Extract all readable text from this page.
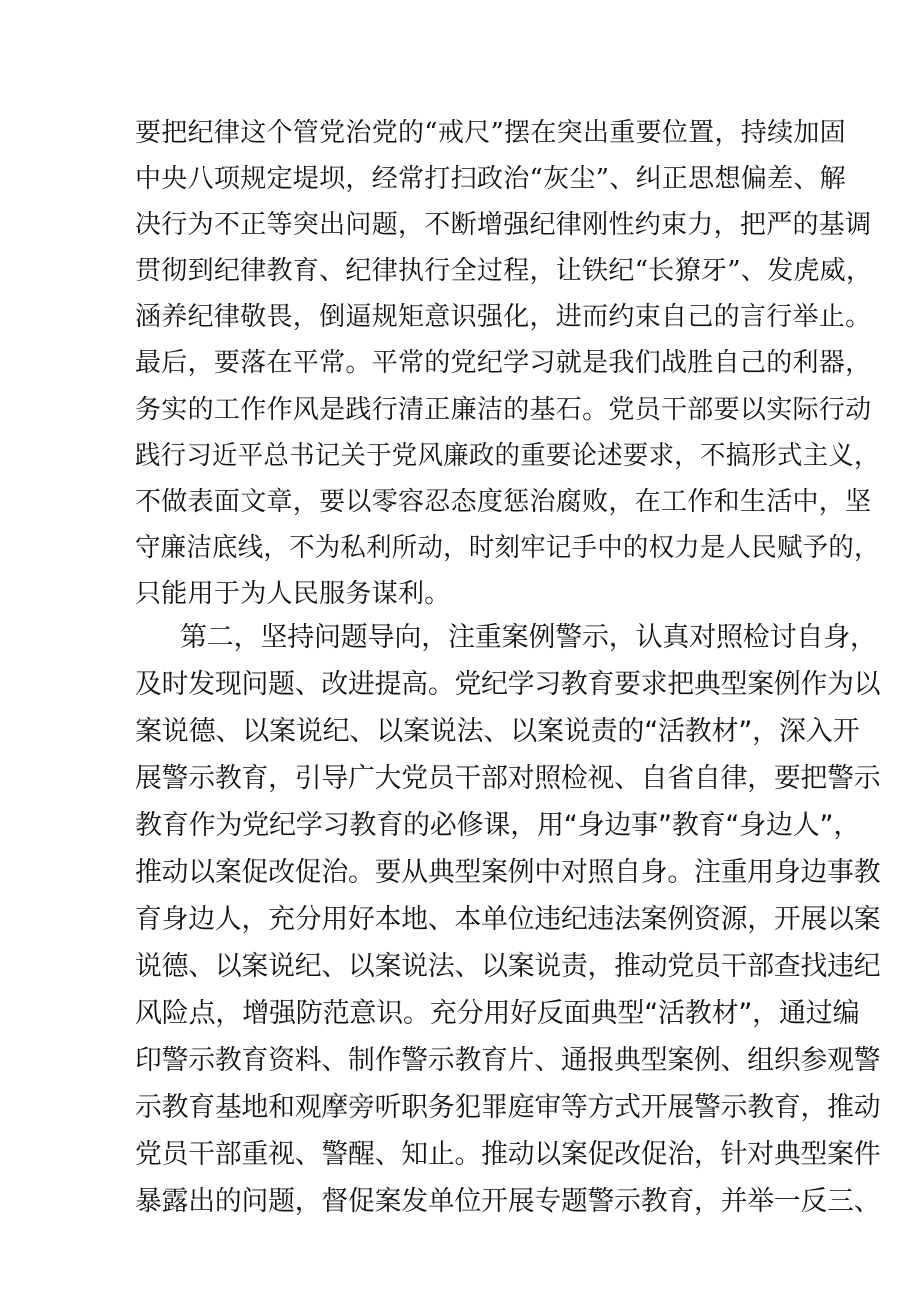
要把纪律这个管党治党的“戒尺”摆在突出重要位置，持续加固
中央八项规定堤坝，经常打扫政治“灰尘”、纠正思想偏差、解
决行为不正等突出问题，不断增强纪律刚性约束力，把严的基调
贯彻到纪律教育、纪律执行全过程，让铁纪“长獠牙”、发虎威，
涵养纪律敬畏，倒逼规矩意识强化，进而约束自己的言行举止。
最后，要落在平常。平常的党纪学习就是我们战胜自己的利器，
务实的工作作风是践行清正廉洁的基石。党员干部要以实际行动
践行习近平总书记关于党风廉政的重要论述要求，不搞形式主义，
不做表面文章，要以零容忍态度惩治腐败，在工作和生活中，坚
守廉洁底线，不为私利所动，时刻牢记手中的权力是人民赋予的，
只能用于为人民服务谋利。
第二，坚持问题导向，注重案例警示，认真对照检讨自身，
及时发现问题、改进提高。党纪学习教育要求把典型案例作为以
案说德、以案说纪、以案说法、以案说责的“活教材”，深入开
展警示教育，引导广大党员干部对照检视、自省自律，要把警示
教育作为党纪学习教育的必修课，用“身边事”教育“身边人”，
推动以案促改促治。要从典型案例中对照自身。注重用身边事教
育身边人，充分用好本地、本单位违纪违法案例资源，开展以案
说德、以案说纪、以案说法、以案说责，推动党员干部查找违纪
风险点，增强防范意识。充分用好反面典型“活教材”，通过编
印警示教育资料、制作警示教育片、通报典型案例、组织参观警
示教育基地和观摩旁听职务犯罪庭审等方式开展警示教育，推动
党员干部重视、警醒、知止。推动以案促改促治，针对典型案件
暴露出的问题，督促案发单位开展专题警示教育，并举一反三、
